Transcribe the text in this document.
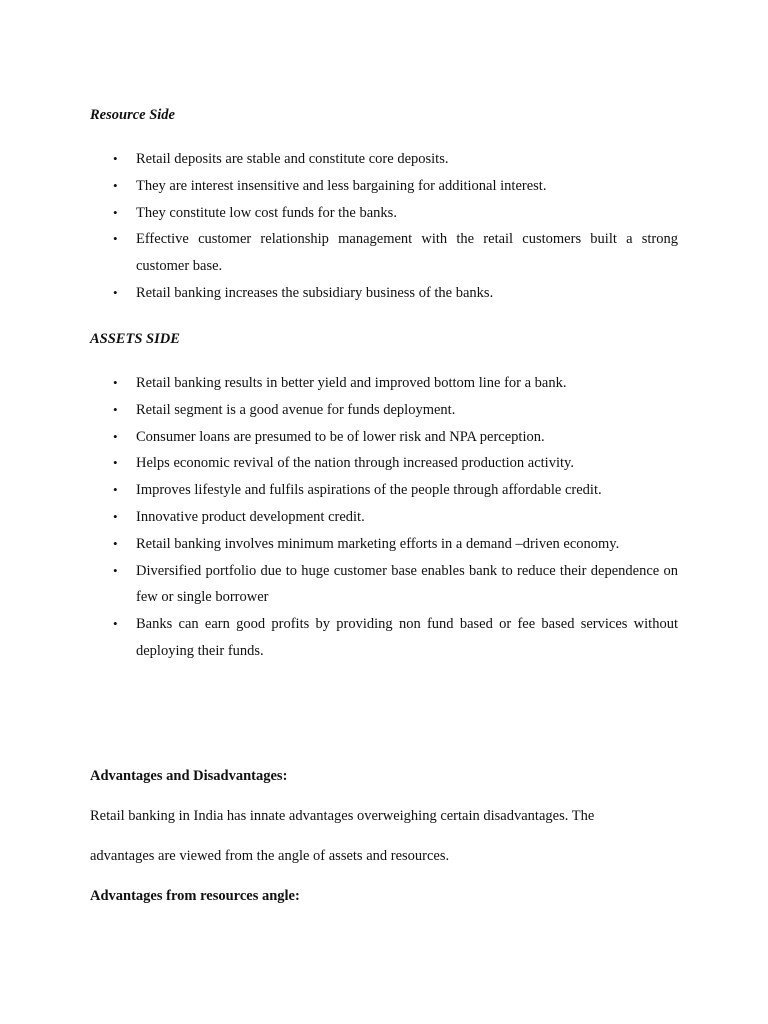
Resource Side

• Retail deposits are stable and constitute core deposits.
• They are interest insensitive and less bargaining for additional interest.
• They constitute low cost funds for the banks.
• Effective customer relationship management with the retail customers built a strong customer base.
• Retail banking increases the subsidiary business of the banks.

ASSETS SIDE

• Retail banking results in better yield and improved bottom line for a bank.
• Retail segment is a good avenue for funds deployment.
• Consumer loans are presumed to be of lower risk and NPA perception.
• Helps economic revival of the nation through increased production activity.
• Improves lifestyle and fulfils aspirations of the people through affordable credit.
• Innovative product development credit.
• Retail banking involves minimum marketing efforts in a demand –driven economy.
• Diversified portfolio due to huge customer base enables bank to reduce their dependence on few or single borrower
• Banks can earn good profits by providing non fund based or fee based services without deploying their funds.

Advantages and Disadvantages:

Retail banking in India has innate advantages overweighing certain disadvantages. The

advantages are viewed from the angle of assets and resources.

Advantages from resources angle:
